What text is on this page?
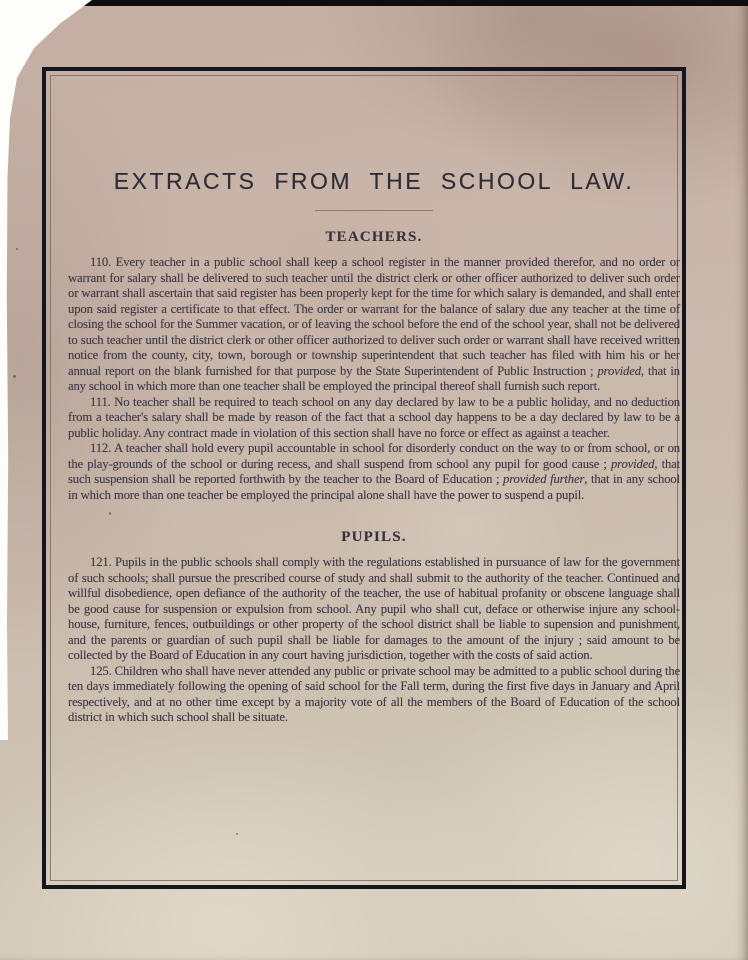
EXTRACTS FROM THE SCHOOL LAW.
TEACHERS.

110. Every teacher in a public school shall keep a school register in the manner provided therefor, and no order or warrant for salary shall be delivered to such teacher until the district clerk or other officer authorized to deliver such order or warrant shall ascertain that said register has been properly kept for the time for which salary is demanded, and shall enter upon said register a certificate to that effect. The order or warrant for the balance of salary due any teacher at the time of closing the school for the Summer vacation, or of leaving the school before the end of the school year, shall not be delivered to such teacher until the district clerk or other officer authorized to deliver such order or warrant shall have received written notice from the county, city, town, borough or township superintendent that such teacher has filed with him his or her annual report on the blank furnished for that purpose by the State Superintendent of Public Instruction ; provided, that in any school in which more than one teacher shall be employed the principal thereof shall furnish such report.

111. No teacher shall be required to teach school on any day declared by law to be a public holiday, and no deduction from a teacher's salary shall be made by reason of the fact that a school day happens to be a day declared by law to be a public holiday. Any contract made in violation of this section shall have no force or effect as against a teacher.

112. A teacher shall hold every pupil accountable in school for disorderly conduct on the way to or from school, or on the play-grounds of the school or during recess, and shall suspend from school any pupil for good cause ; provided, that such suspension shall be reported forthwith by the teacher to the Board of Education ; provided further, that in any school in which more than one teacher be employed the principal alone shall have the power to suspend a pupil.

PUPILS.

121. Pupils in the public schools shall comply with the regulations established in pursuance of law for the government of such schools; shall pursue the prescribed course of study and shall submit to the authority of the teacher. Continued and willful disobedience, open defiance of the authority of the teacher, the use of habitual profanity or obscene language shall be good cause for suspension or expulsion from school. Any pupil who shall cut, deface or otherwise injure any school-house, furniture, fences, outbuildings or other property of the school district shall be liable to supension and punishment, and the parents or guardian of such pupil shall be liable for damages to the amount of the injury ; said amount to be collected by the Board of Education in any court having jurisdiction, together with the costs of said action.

125. Children who shall have never attended any public or private school may be admitted to a public school during the ten days immediately following the opening of said school for the Fall term, during the first five days in January and April respectively, and at no other time except by a majority vote of all the members of the Board of Education of the school district in which such school shall be situate.
